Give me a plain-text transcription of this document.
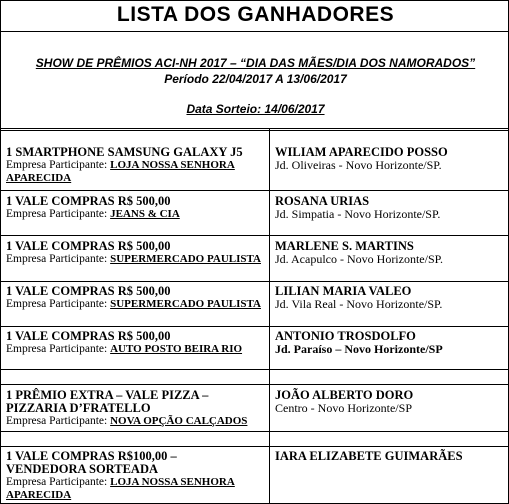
LISTA DOS GANHADORES
SHOW DE PRÊMIOS ACI-NH 2017 – “DIA DAS MÃES/DIA DOS NAMORADOS”
Período 22/04/2017 A 13/06/2017
Data Sorteio: 14/06/2017
1 SMARTPHONE SAMSUNG GALAXY J5
Empresa Participante: LOJA NOSSA SENHORA APARECIDA
WILIAM APARECIDO POSSO
Jd. Oliveiras - Novo Horizonte/SP.
1 VALE COMPRAS R$ 500,00
Empresa Participante: JEANS & CIA
ROSANA URIAS
Jd. Simpatia - Novo Horizonte/SP.
1 VALE COMPRAS R$ 500,00
Empresa Participante: SUPERMERCADO PAULISTA
MARLENE S. MARTINS
Jd. Acapulco - Novo Horizonte/SP.
1 VALE COMPRAS R$ 500,00
Empresa Participante: SUPERMERCADO PAULISTA
LILIAN MARIA VALEO
Jd. Vila Real - Novo Horizonte/SP.
1 VALE COMPRAS R$ 500,00
Empresa Participante: AUTO POSTO BEIRA RIO
ANTONIO TROSDOLFO
Jd. Paraíso – Novo Horizonte/SP
1 PRÊMIO EXTRA – VALE PIZZA –
PIZZARIA D’FRATELLO
Empresa Participante: NOVA OPÇÃO CALÇADOS
JOÃO ALBERTO DORO
Centro - Novo Horizonte/SP
1 VALE COMPRAS R$100,00 –
VENDEDORA SORTEADA
Empresa Participante: LOJA NOSSA SENHORA APARECIDA
IARA ELIZABETE GUIMARÃES
